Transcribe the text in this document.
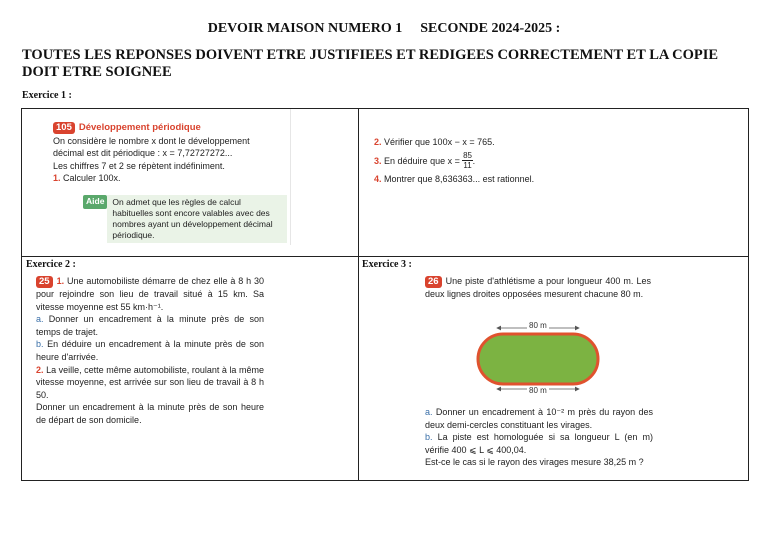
DEVOIR MAISON NUMERO 1 SECONDE 2024-2025 :
TOUTES LES REPONSES DOIVENT ETRE JUSTIFIEES ET REDIGEES CORRECTEMENT ET LA COPIE DOIT ETRE SOIGNEE
Exercice 1 :
105 Développement périodique
On considère le nombre x dont le développement
décimal est dit périodique : x = 7,72727272...
Les chiffres 7 et 2 se répètent indéfiniment.
1. Calculer 100x.
Aide On admet que les règles de calcul habituelles sont encore valables avec des nombres ayant un développement décimal périodique.
2. Vérifier que 100x − x = 765.
3.
En déduire que x =
$\frac{85}{11}$ .
4. Montrer que 8,636363... est rationnel.
Exercice 2 :
25 1. Une automobiliste démarre de chez elle à 8 h 30 pour rejoindre son lieu de travail situé à 15 km. Sa vitesse moyenne est 55 km·h⁻¹.
a. Donner un encadrement à la minute près de son temps de trajet.
b. En déduire un encadrement à la minute près de son heure d'arrivée.
2. La veille, cette même automobiliste, roulant à la même vitesse moyenne, est arrivée sur son lieu de travail à 8 h 50.
Donner un encadrement à la minute près de son heure de départ de son domicile.
Exercice 3 :
26 Une piste d'athlétisme a pour longueur 400 m. Les deux lignes droites opposées mesurent chacune 80 m.
80 m
80 m
a. Donner un encadrement à 10⁻² m près du rayon des deux demi-cercles constituant les virages.
b. La piste est homologuée si sa longueur L (en m) vérifie 400 ⩽ L ⩽ 400,04.
Est-ce le cas si le rayon des virages mesure 38,25 m ?
